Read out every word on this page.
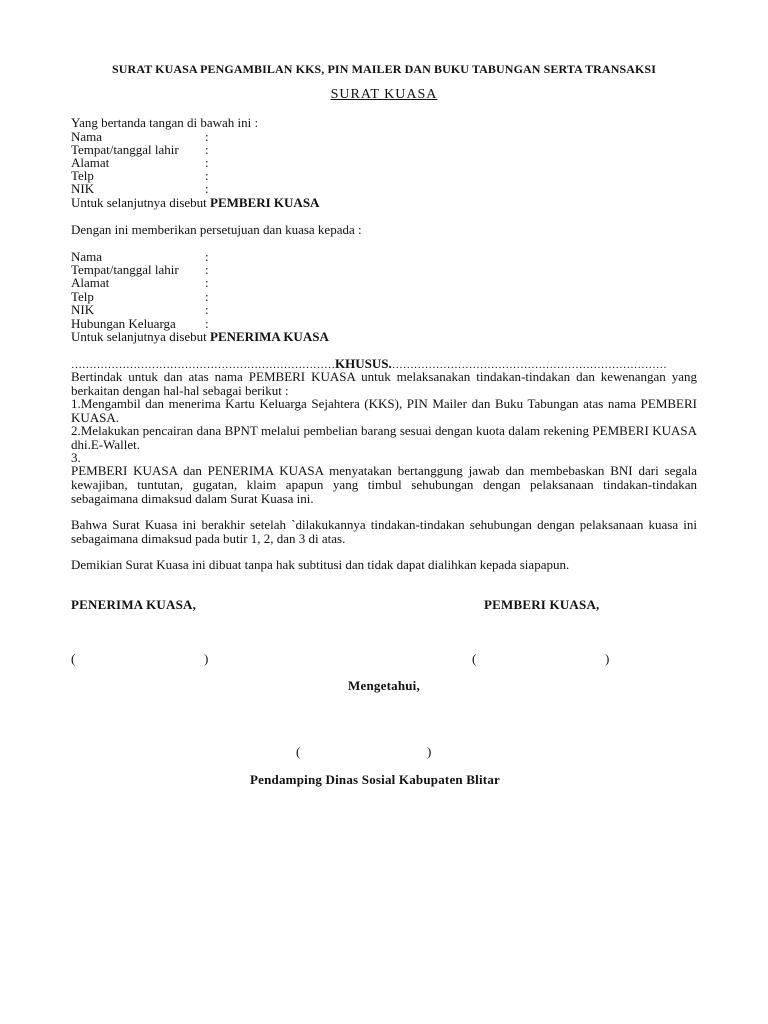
SURAT KUASA PENGAMBILAN KKS, PIN MAILER DAN BUKU TABUNGAN SERTA TRANSAKSI
SURAT KUASA
Yang bertanda tangan di bawah ini :
Nama	:
Tempat/tanggal lahir :
Alamat	:
Telp	:
NIK	:
Untuk selanjutnya disebut PEMBERI KUASA
Dengan ini memberikan persetujuan dan kuasa kepada :
Nama	:
Tempat/tanggal lahir :
Alamat	:
Telp	:
NIK	:
Hubungan Keluarga :
Untuk selanjutnya disebut PENERIMA KUASA
………………………………………………………………KHUSUS.…………………………………………………………………
Bertindak untuk dan atas nama PEMBERI KUASA untuk melaksanakan tindakan-tindakan dan kewenangan yang berkaitan dengan hal-hal sebagai berikut :
1.Mengambil dan menerima Kartu Keluarga Sejahtera (KKS), PIN Mailer dan Buku Tabungan atas nama PEMBERI KUASA.
2.Melakukan pencairan dana BPNT melalui pembelian barang sesuai dengan kuota dalam rekening PEMBERI KUASA dhi.E-Wallet.
3.
PEMBERI KUASA dan PENERIMA KUASA menyatakan bertanggung jawab dan membebaskan BNI dari segala kewajiban, tuntutan, gugatan, klaim apapun yang timbul sehubungan dengan pelaksanaan tindakan-tindakan sebagaimana dimaksud dalam Surat Kuasa ini.
Bahwa Surat Kuasa ini berakhir setelah `dilakukannya tindakan-tindakan sehubungan dengan pelaksanaan kuasa ini sebagaimana dimaksud pada butir 1, 2, dan 3 di atas.
Demikian Surat Kuasa ini dibuat tanpa hak subtitusi dan tidak dapat dialihkan kepada siapapun.
PENERIMA KUASA,	PEMBERI KUASA,
(	)	(	)
Mengetahui,
(	)
Pendamping Dinas Sosial Kabupaten Blitar
